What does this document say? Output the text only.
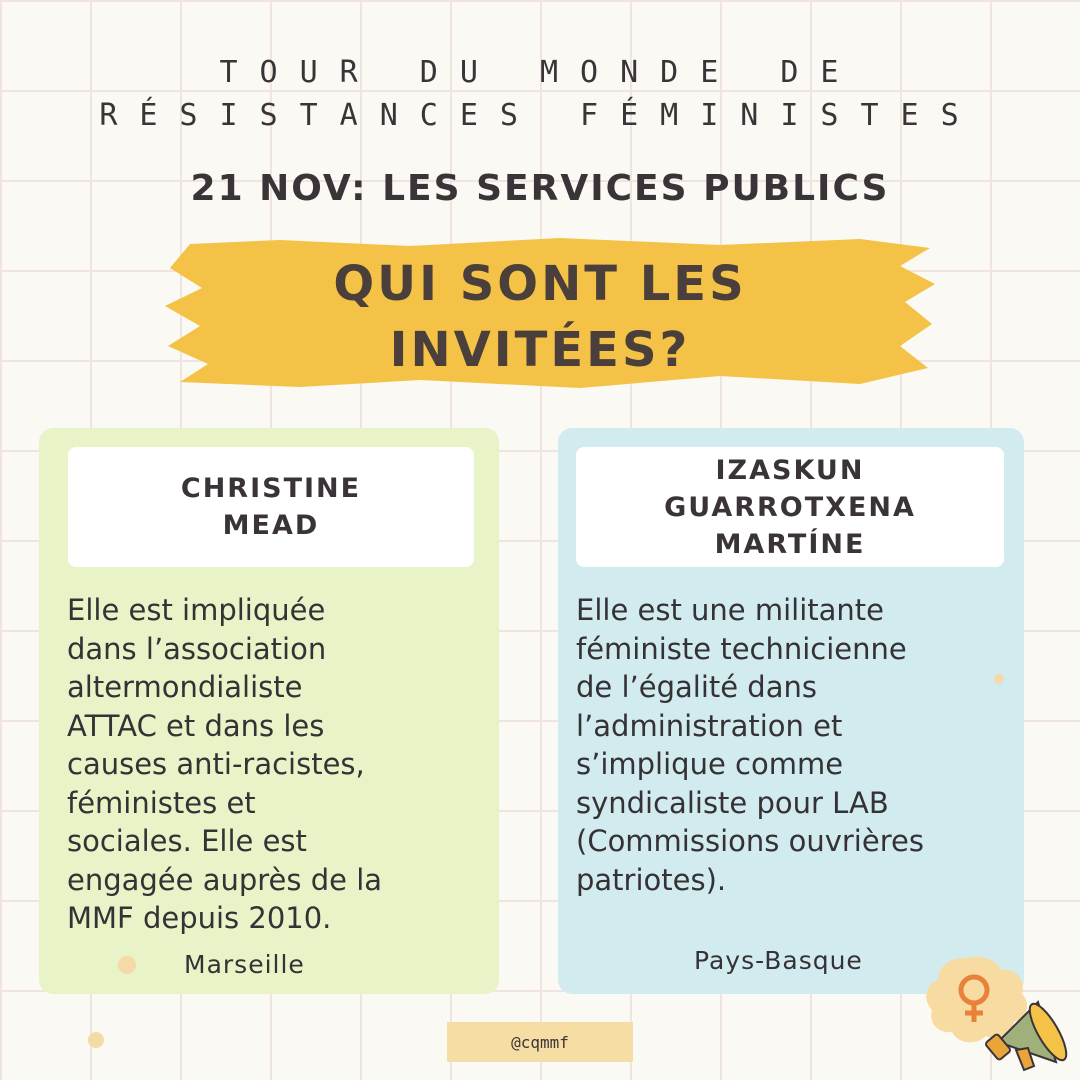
TOUR DU MONDE DE
RÉSISTANCES FÉMINISTES
21 NOV: LES SERVICES PUBLICS
QUI SONT LES
INVITÉES?
CHRISTINE
MEAD
Elle est impliquée
dans l’association
altermondialiste
ATTAC et dans les
causes anti-racistes,
féministes et
sociales. Elle est
engagée auprès de la
MMF depuis 2010.
Marseille
IZASKUN
GUARROTXENA
MARTÍNE
Elle est une militante
féministe technicienne
de l’égalité dans
l’administration et
s’implique comme
syndicaliste pour LAB
(Commissions ouvrières
patriotes).
Pays-Basque
@cqmmf
